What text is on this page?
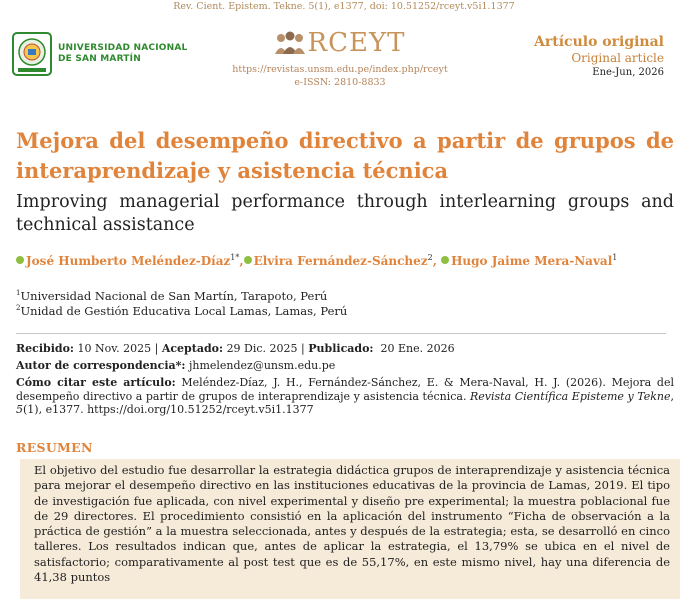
Rev. Cient. Epistem. Tekne. 5(1), e1377, doi: 10.51252/rceyt.v5i1.1377
UNIVERSIDAD NACIONAL
DE SAN MARTÍN
RCEYT
https://revistas.unsm.edu.pe/index.php/rceyt
e-ISSN: 2810-8833
Artículo original
Original article
Ene-Jun, 2026
Mejora del desempeño directivo a partir de grupos de interaprendizaje y asistencia técnica
Improving managerial performance through interlearning groups and technical assistance
José Humberto Meléndez-Díaz$^{1*}$, Elvira Fernández-Sánchez$^2$, Hugo Jaime Mera-Naval$^1$
$^1$Universidad Nacional de San Martín, Tarapoto, Perú
$^2$Unidad de Gestión Educativa Local Lamas, Lamas, Perú
Recibido: 10 Nov. 2025 | Aceptado: 29 Dic. 2025 | Publicado: 20 Ene. 2026
Autor de correspondencia*: jhmelendez@unsm.edu.pe
Cómo citar este artículo: Meléndez-Díaz, J. H., Fernández-Sánchez, E. & Mera-Naval, H. J. (2026). Mejora del desempeño directivo a partir de grupos de interaprendizaje y asistencia técnica. Revista Científica Episteme y Tekne, 5(1), e1377. https://doi.org/10.51252/rceyt.v5i1.1377
RESUMEN
El objetivo del estudio fue desarrollar la estrategia didáctica grupos de interaprendizaje y asistencia técnica para mejorar el desempeño directivo en las instituciones educativas de la provincia de Lamas, 2019. El tipo de investigación fue aplicada, con nivel experimental y diseño pre experimental; la muestra poblacional fue de 29 directores. El procedimiento consistió en la aplicación del instrumento “Ficha de observación a la práctica de gestión” a la muestra seleccionada, antes y después de la estrategia; esta, se desarrolló en cinco talleres. Los resultados indican que, antes de aplicar la estrategia, el 13,79% se ubica en el nivel de satisfactorio; comparativamente al post test que es de 55,17%, en este mismo nivel, hay una diferencia de 41,38 puntos
